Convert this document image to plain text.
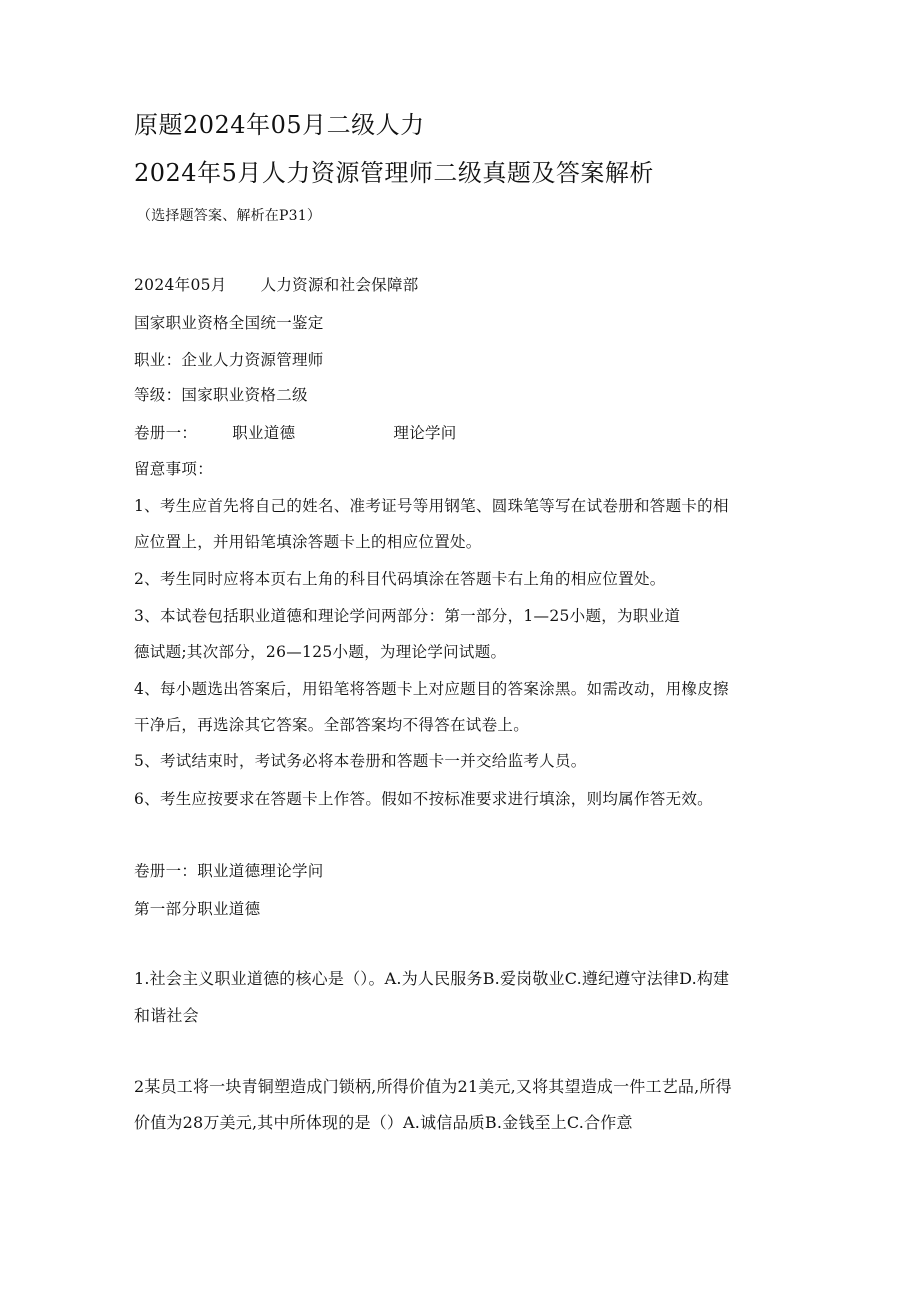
原题2024年05月二级人力
2024年5月人力资源管理师二级真题及答案解析
（选择题答案、解析在P31）
2024年05月 人力资源和社会保障部
国家职业资格全国统一鉴定
职业：企业人力资源管理师
等级：国家职业资格二级
卷册一： 职业道德	理论学问
留意事项：
1、考生应首先将自己的姓名、准考证号等用钢笔、圆珠笔等写在试卷册和答题卡的相
应位置上，并用铅笔填涂答题卡上的相应位置处。
2、考生同时应将本页右上角的科目代码填涂在答题卡右上角的相应位置处。
3、本试卷包括职业道德和理论学问两部分：第一部分，1—25小题，为职业道
德试题;其次部分，26—125小题，为理论学问试题。
4、每小题选出答案后，用铅笔将答题卡上对应题目的答案涂黑。如需改动，用橡皮擦
干净后，再选涂其它答案。全部答案均不得答在试卷上。
5、考试结束时，考试务必将本卷册和答题卡一并交给监考人员。
6、考生应按要求在答题卡上作答。假如不按标准要求进行填涂，则均属作答无效。
卷册一：职业道德理论学问
第一部分职业道德
1.社会主义职业道德的核心是（）。A.为人民服务B.爱岗敬业C.遵纪遵守法律D.构建
和谐社会
2某员工将一块青铜塑造成门锁柄,所得价值为21美元,又将其望造成一件工艺品,所得
价值为28万美元,其中所体现的是（）A.诚信品质B.金钱至上C.合作意
